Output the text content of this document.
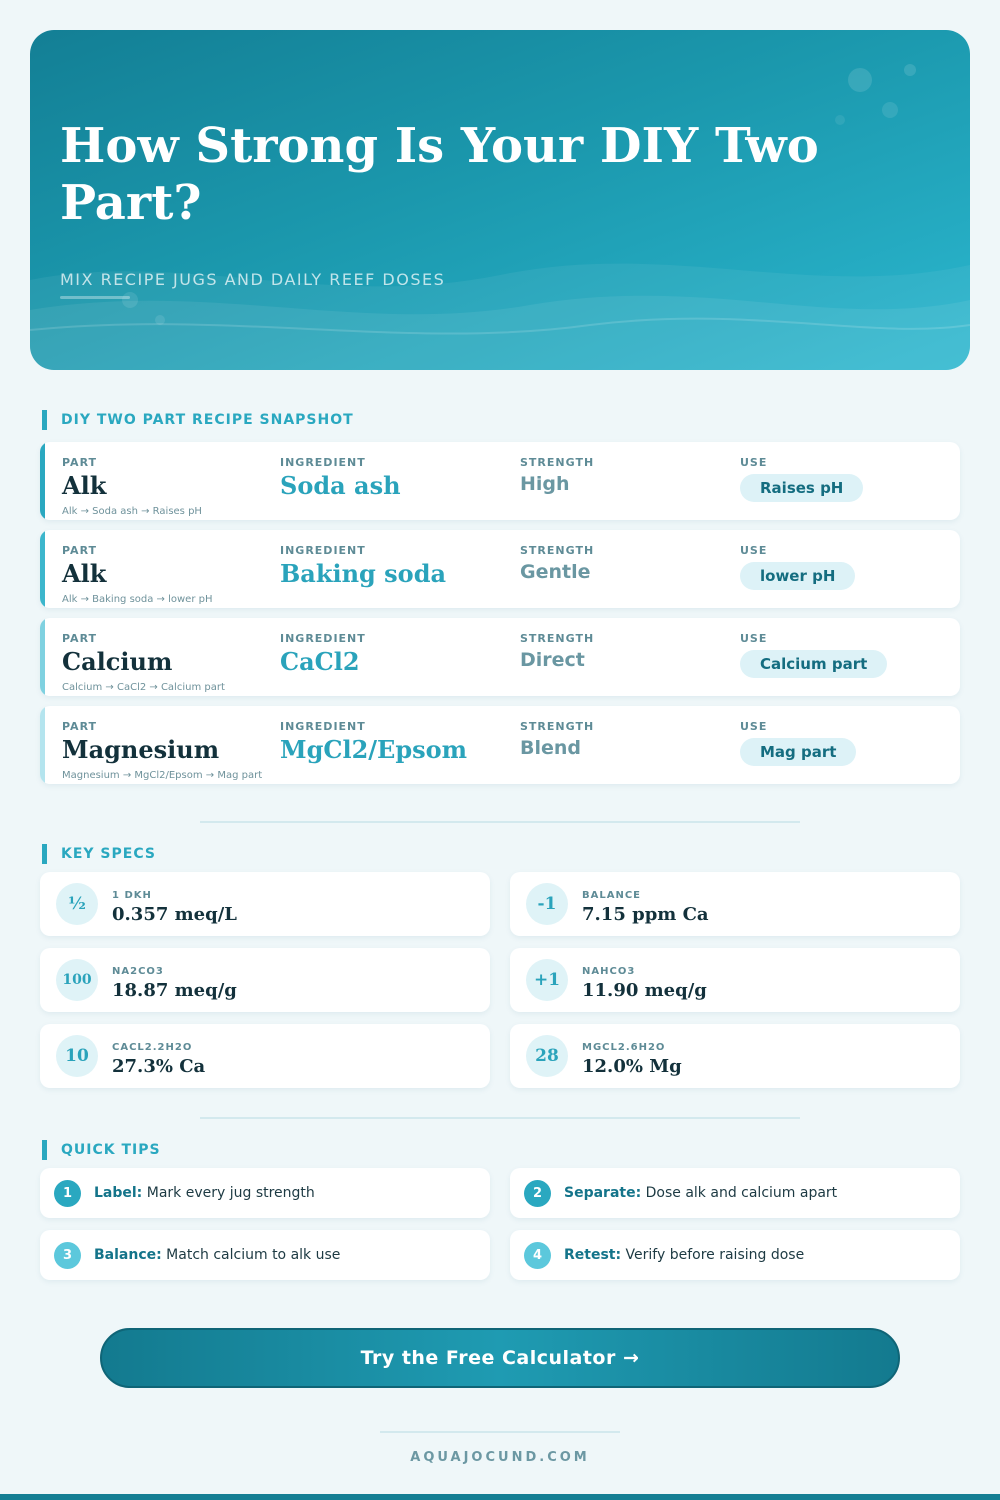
How Strong Is Your DIY Two Part?
MIX RECIPE JUGS AND DAILY REEF DOSES
DIY TWO PART RECIPE SNAPSHOT
PART
Alk
INGREDIENT
Soda ash
STRENGTH
High
USE
Raises pH
Alk → Soda ash → Raises pH
PART
Alk
INGREDIENT
Baking soda
STRENGTH
Gentle
USE
lower pH
Alk → Baking soda → lower pH
PART
Calcium
INGREDIENT
CaCl2
STRENGTH
Direct
USE
Calcium part
Calcium → CaCl2 → Calcium part
PART
Magnesium
INGREDIENT
MgCl2/Epsom
STRENGTH
Blend
USE
Mag part
Magnesium → MgCl2/Epsom → Mag part
KEY SPECS
½	1 DKH
0.357 meq/L	-1	BALANCE
7.15 ppm Ca
100
NA2CO3
18.87 meq/g	+1	NAHCO3
11.90 meq/g
10	CACL2.2H2O
27.3% Ca	28	MGCL2.6H2O
12.0% Mg
QUICK TIPS
1	Label: Mark every jug strength	2	Separate: Dose alk and calcium apart
3	Balance: Match calcium to alk use	4	Retest: Verify before raising dose
Try the Free Calculator →
AQUAJOCUND.COM
